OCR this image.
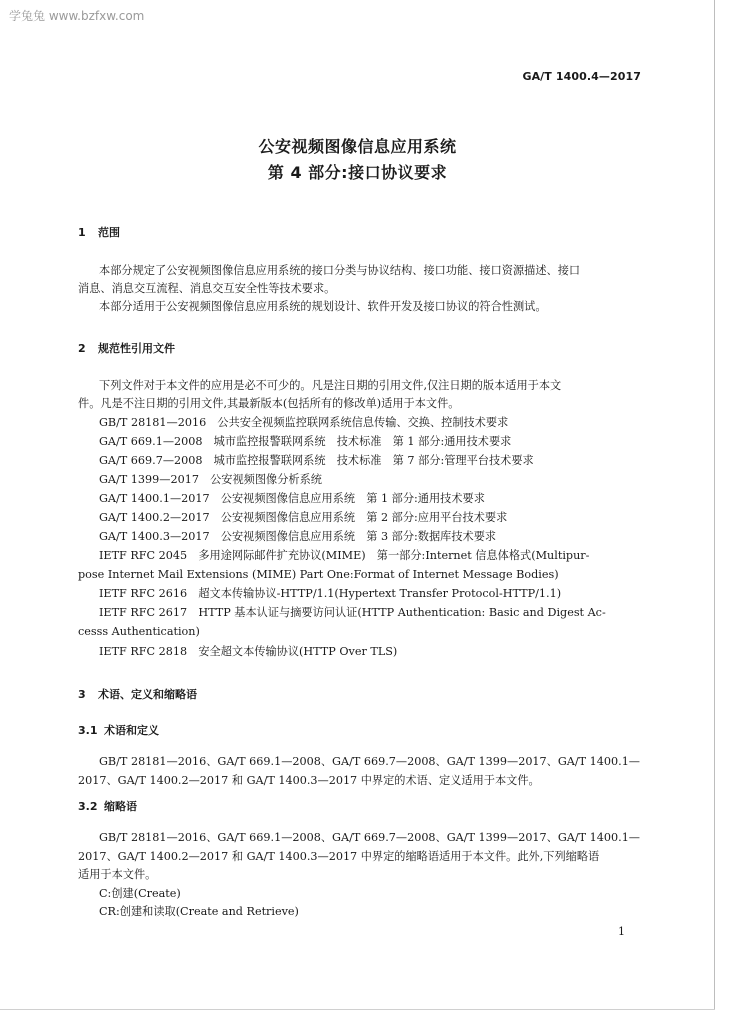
学兔兔 www.bzfxw.com
GA/T 1400.4—2017
公安视频图像信息应用系统
第 4 部分:接口协议要求
1 范围
本部分规定了公安视频图像信息应用系统的接口分类与协议结构、接口功能、接口资源描述、接口
消息、消息交互流程、消息交互安全性等技术要求。
本部分适用于公安视频图像信息应用系统的规划设计、软件开发及接口协议的符合性测试。
2 规范性引用文件
下列文件对于本文件的应用是必不可少的。凡是注日期的引用文件,仅注日期的版本适用于本文
件。凡是不注日期的引用文件,其最新版本(包括所有的修改单)适用于本文件。
GB/T 28181—2016　公共安全视频监控联网系统信息传输、交换、控制技术要求
GA/T 669.1—2008　城市监控报警联网系统　技术标准　第 1 部分:通用技术要求
GA/T 669.7—2008　城市监控报警联网系统　技术标准　第 7 部分:管理平台技术要求
GA/T 1399—2017　公安视频图像分析系统
GA/T 1400.1—2017　公安视频图像信息应用系统　第 1 部分:通用技术要求
GA/T 1400.2—2017　公安视频图像信息应用系统　第 2 部分:应用平台技术要求
GA/T 1400.3—2017　公安视频图像信息应用系统　第 3 部分:数据库技术要求
IETF RFC 2045　多用途网际邮件扩充协议(MIME)　第一部分:Internet 信息体格式(Multipur-
pose Internet Mail Extensions (MIME) Part One:Format of Internet Message Bodies)
IETF RFC 2616　超文本传输协议-HTTP/1.1(Hypertext Transfer Protocol-HTTP/1.1)
IETF RFC 2617　HTTP 基本认证与摘要访问认证(HTTP Authentication: Basic and Digest Ac-
cesss Authentication)
IETF RFC 2818　安全超文本传输协议(HTTP Over TLS)
3 术语、定义和缩略语
3.1 术语和定义
GB/T 28181—2016、GA/T 669.1—2008、GA/T 669.7—2008、GA/T 1399—2017、GA/T 1400.1—
2017、GA/T 1400.2—2017 和 GA/T 1400.3—2017 中界定的术语、定义适用于本文件。
3.2 缩略语
GB/T 28181—2016、GA/T 669.1—2008、GA/T 669.7—2008、GA/T 1399—2017、GA/T 1400.1—
2017、GA/T 1400.2—2017 和 GA/T 1400.3—2017 中界定的缩略语适用于本文件。此外,下列缩略语
适用于本文件。
C:创建(Create)
CR:创建和读取(Create and Retrieve)
1
